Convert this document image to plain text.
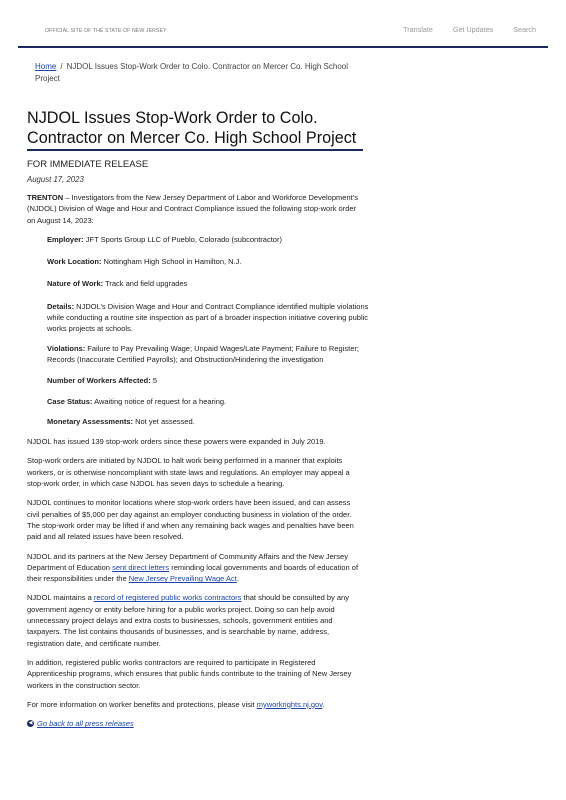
OFFICIAL SITE OF THE STATE OF NEW JERSEY	Translate	Get Updates	Search
Home / NJDOL Issues Stop-Work Order to Colo. Contractor on Mercer Co. High School Project
NJDOL Issues Stop-Work Order to Colo. Contractor on Mercer Co. High School Project
FOR IMMEDIATE RELEASE
August 17, 2023

TRENTON – Investigators from the New Jersey Department of Labor and Workforce Development’s (NJDOL) Division of Wage and Hour and Contract Compliance issued the following stop-work order on August 14, 2023:

Employer: JFT Sports Group LLC of Pueblo, Colorado (subcontractor)

Work Location: Nottingham High School in Hamilton, N.J.

Nature of Work: Track and field upgrades

Details: NJDOL’s Division Wage and Hour and Contract Compliance identified multiple violations while conducting a routine site inspection as part of a broader inspection initiative covering public works projects at schools.

Violations: Failure to Pay Prevailing Wage; Unpaid Wages/Late Payment; Failure to Register; Records (Inaccurate Certified Payrolls); and Obstruction/Hindering the investigation

Number of Workers Affected: 5

Case Status: Awaiting notice of request for a hearing.

Monetary Assessments: Not yet assessed.

NJDOL has issued 139 stop-work orders since these powers were expanded in July 2019.

Stop-work orders are initiated by NJDOL to halt work being performed in a manner that exploits workers, or is otherwise noncompliant with state laws and regulations. An employer may appeal a stop-work order, in which case NJDOL has seven days to schedule a hearing.

NJDOL continues to monitor locations where stop-work orders have been issued, and can assess civil penalties of $5,000 per day against an employer conducting business in violation of the order. The stop-work order may be lifted if and when any remaining back wages and penalties have been paid and all related issues have been resolved.

NJDOL and its partners at the New Jersey Department of Community Affairs and the New Jersey Department of Education sent direct letters reminding local governments and boards of education of their responsibilities under the New Jersey Prevailing Wage Act.

NJDOL maintains a record of registered public works contractors that should be consulted by any government agency or entity before hiring for a public works project. Doing so can help avoid unnecessary project delays and extra costs to businesses, schools, government entities and taxpayers. The list contains thousands of businesses, and is searchable by name, address, registration date, and certificate number.

In addition, registered public works contractors are required to participate in Registered Apprenticeship programs, which ensures that public funds contribute to the training of New Jersey workers in the construction sector.

For more information on worker benefits and protections, please visit myworkrights.nj.gov.

◀ Go back to all press releases
